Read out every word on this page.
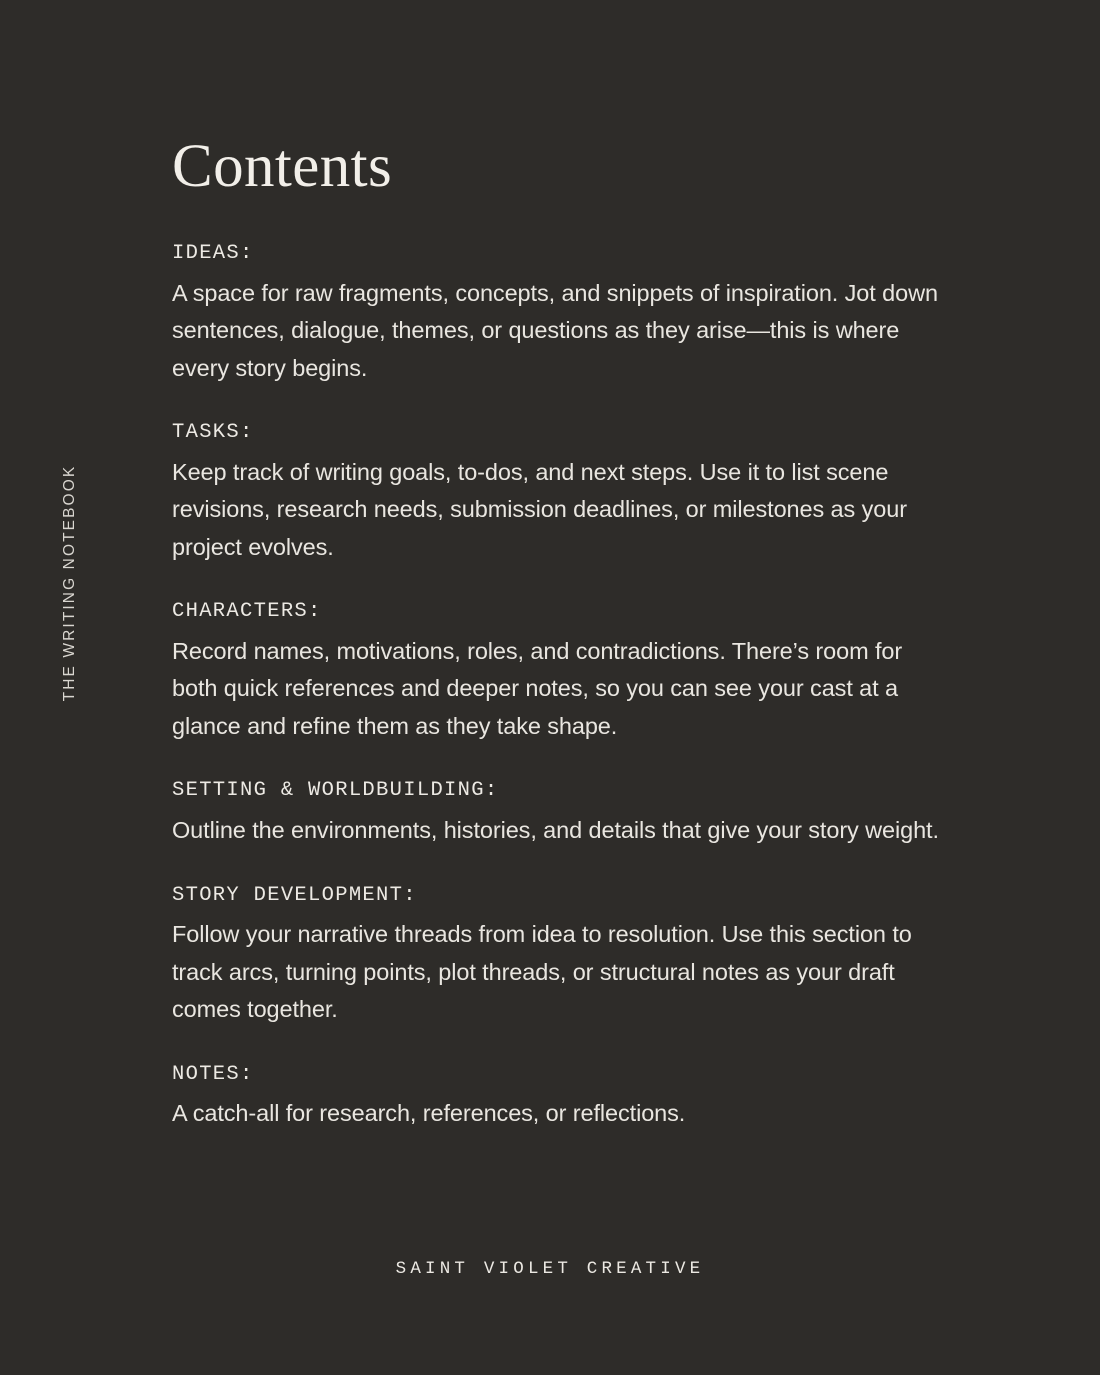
THE WRITING NOTEBOOK
Contents
IDEAS:

A space for raw fragments, concepts, and snippets of inspiration. Jot down sentences, dialogue, themes, or questions as they arise—this is where every story begins.

TASKS:

Keep track of writing goals, to-dos, and next steps. Use it to list scene revisions, research needs, submission deadlines, or milestones as your project evolves.

CHARACTERS:

Record names, motivations, roles, and contradictions. There’s room for both quick references and deeper notes, so you can see your cast at a glance and refine them as they take shape.

SETTING & WORLDBUILDING:

Outline the environments, histories, and details that give your story weight.

STORY DEVELOPMENT:

Follow your narrative threads from idea to resolution. Use this section to track arcs, turning points, plot threads, or structural notes as your draft comes together.

NOTES:

A catch-all for research, references, or reflections.

SAINT VIOLET CREATIVE
